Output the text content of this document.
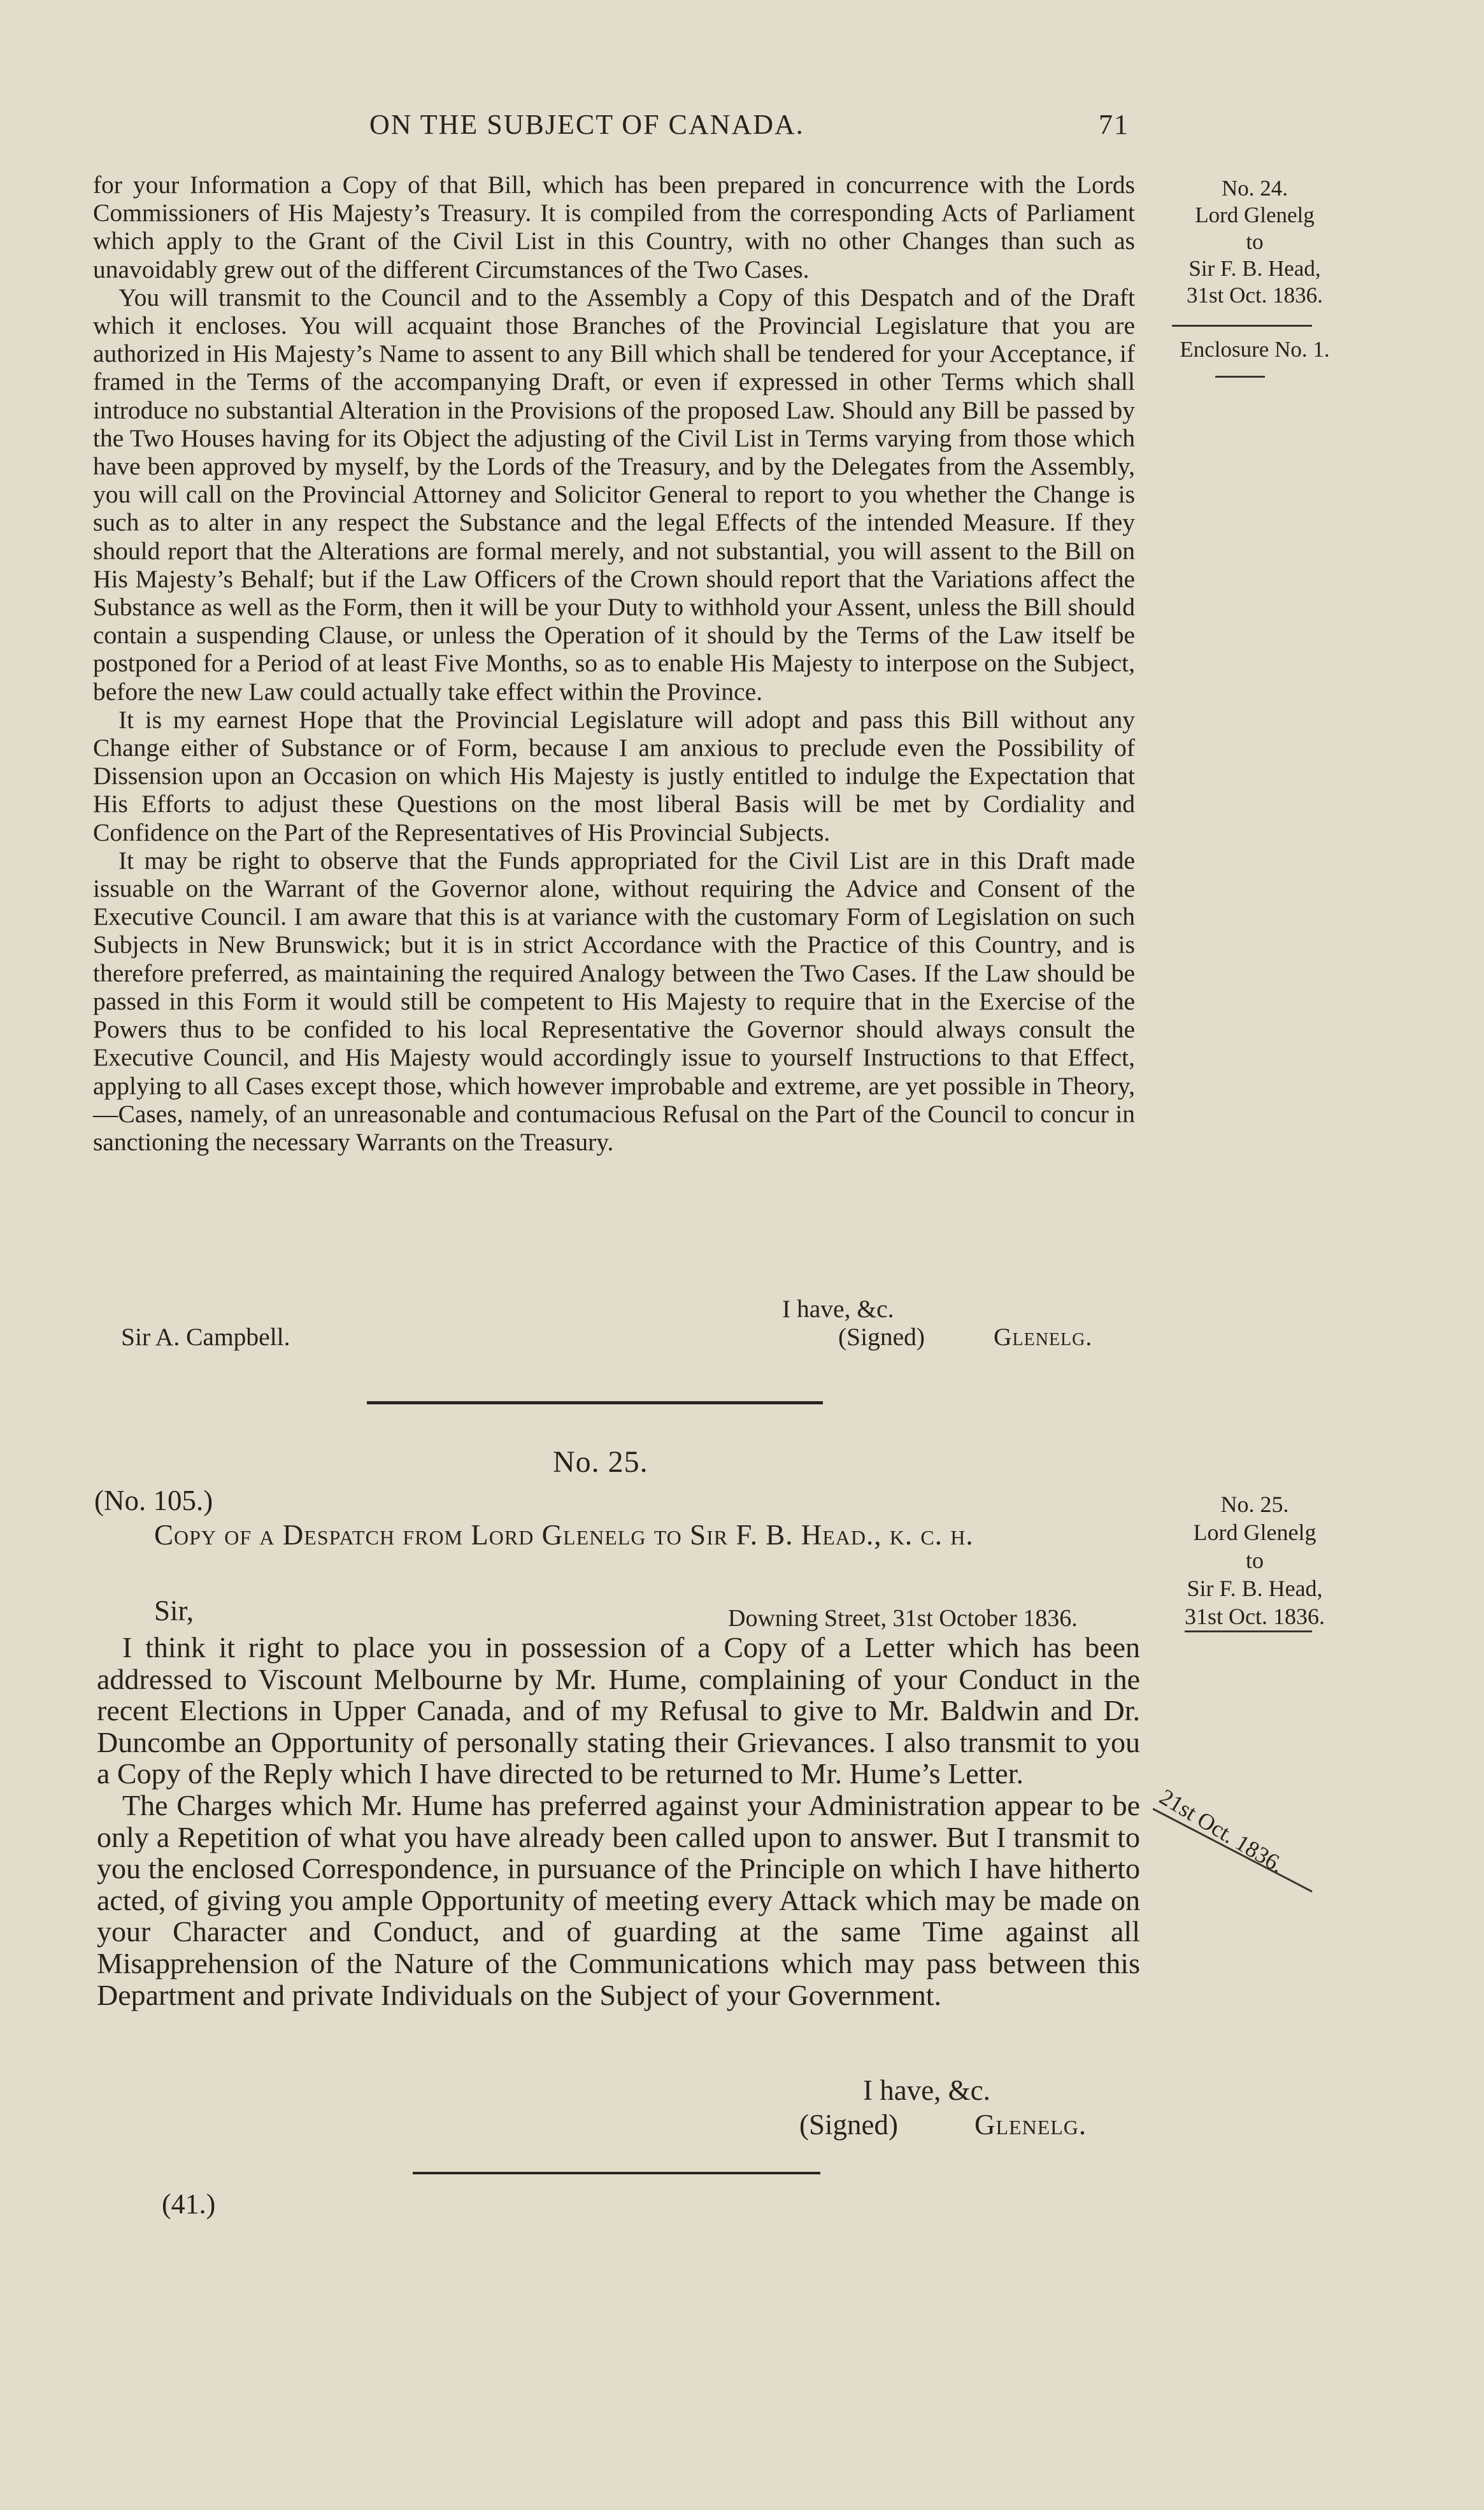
ON THE SUBJECT OF CANADA.	71

for your Information a Copy of that Bill, which has been prepared in concurrence with the Lords Commissioners of His Majesty’s Treasury. It is compiled from the corresponding Acts of Parliament which apply to the Grant of the Civil List in this Country, with no other Changes than such as unavoidably grew out of the different Circumstances of the Two Cases.

You will transmit to the Council and to the Assembly a Copy of this Despatch and of the Draft which it encloses. You will acquaint those Branches of the Provincial Legislature that you are authorized in His Majesty’s Name to assent to any Bill which shall be tendered for your Acceptance, if framed in the Terms of the accompanying Draft, or even if expressed in other Terms which shall introduce no substantial Alteration in the Provisions of the proposed Law. Should any Bill be passed by the Two Houses having for its Object the adjusting of the Civil List in Terms varying from those which have been approved by myself, by the Lords of the Treasury, and by the Delegates from the Assembly, you will call on the Provincial Attorney and Solicitor General to report to you whether the Change is such as to alter in any respect the Substance and the legal Effects of the intended Measure. If they should report that the Alterations are formal merely, and not substantial, you will assent to the Bill on His Majesty’s Behalf; but if the Law Officers of the Crown should report that the Variations affect the Substance as well as the Form, then it will be your Duty to withhold your Assent, unless the Bill should contain a suspending Clause, or unless the Operation of it should by the Terms of the Law itself be postponed for a Period of at least Five Months, so as to enable His Majesty to interpose on the Subject, before the new Law could actually take effect within the Province.

It is my earnest Hope that the Provincial Legislature will adopt and pass this Bill without any Change either of Substance or of Form, because I am anxious to preclude even the Possibility of Dissension upon an Occasion on which His Majesty is justly entitled to indulge the Expectation that His Efforts to adjust these Questions on the most liberal Basis will be met by Cordiality and Confidence on the Part of the Representatives of His Provincial Subjects.

It may be right to observe that the Funds appropriated for the Civil List are in this Draft made issuable on the Warrant of the Governor alone, without requiring the Advice and Consent of the Executive Council. I am aware that this is at variance with the customary Form of Legislation on such Subjects in New Brunswick; but it is in strict Accordance with the Practice of this Country, and is therefore preferred, as maintaining the required Analogy between the Two Cases. If the Law should be passed in this Form it would still be competent to His Majesty to require that in the Exercise of the Powers thus to be confided to his local Representative the Governor should always consult the Executive Council, and His Majesty would accordingly issue to yourself Instructions to that Effect, applying to all Cases except those, which however improbable and extreme, are yet possible in Theory,—Cases, namely, of an unreasonable and contumacious Refusal on the Part of the Council to concur in sanctioning the necessary Warrants on the Treasury.

I have, &c.
Sir A. Campbell.	(Signed)	Glenelg.
No. 24.
Lord Glenelg
to
Sir F. B. Head,
31st Oct. 1836.
Enclosure No. 1.
No. 25.
(No. 105.)
Copy of a Despatch from Lord Glenelg to Sir F. B. Head., k. c. h.
No. 25.
Lord Glenelg
to
Sir F. B. Head,
31st Oct. 1836.
Sir,	Downing Street, 31st October 1836.

I think it right to place you in possession of a Copy of a Letter which has been addressed to Viscount Melbourne by Mr. Hume, complaining of your Conduct in the recent Elections in Upper Canada, and of my Refusal to give to Mr. Baldwin and Dr. Duncombe an Opportunity of personally stating their Grievances. I also transmit to you a Copy of the Reply which I have directed to be returned to Mr. Hume’s Letter.

The Charges which Mr. Hume has preferred against your Administration appear to be only a Repetition of what you have already been called upon to answer. But I transmit to you the enclosed Correspondence, in pursuance of the Principle on which I have hitherto acted, of giving you ample Opportunity of meeting every Attack which may be made on your Character and Conduct, and of guarding at the same Time against all Misapprehension of the Nature of the Communications which may pass between this Department and private Individuals on the Subject of your Government.

I have, &c.
(Signed)	Glenelg.
21st Oct. 1836.
(41.)
